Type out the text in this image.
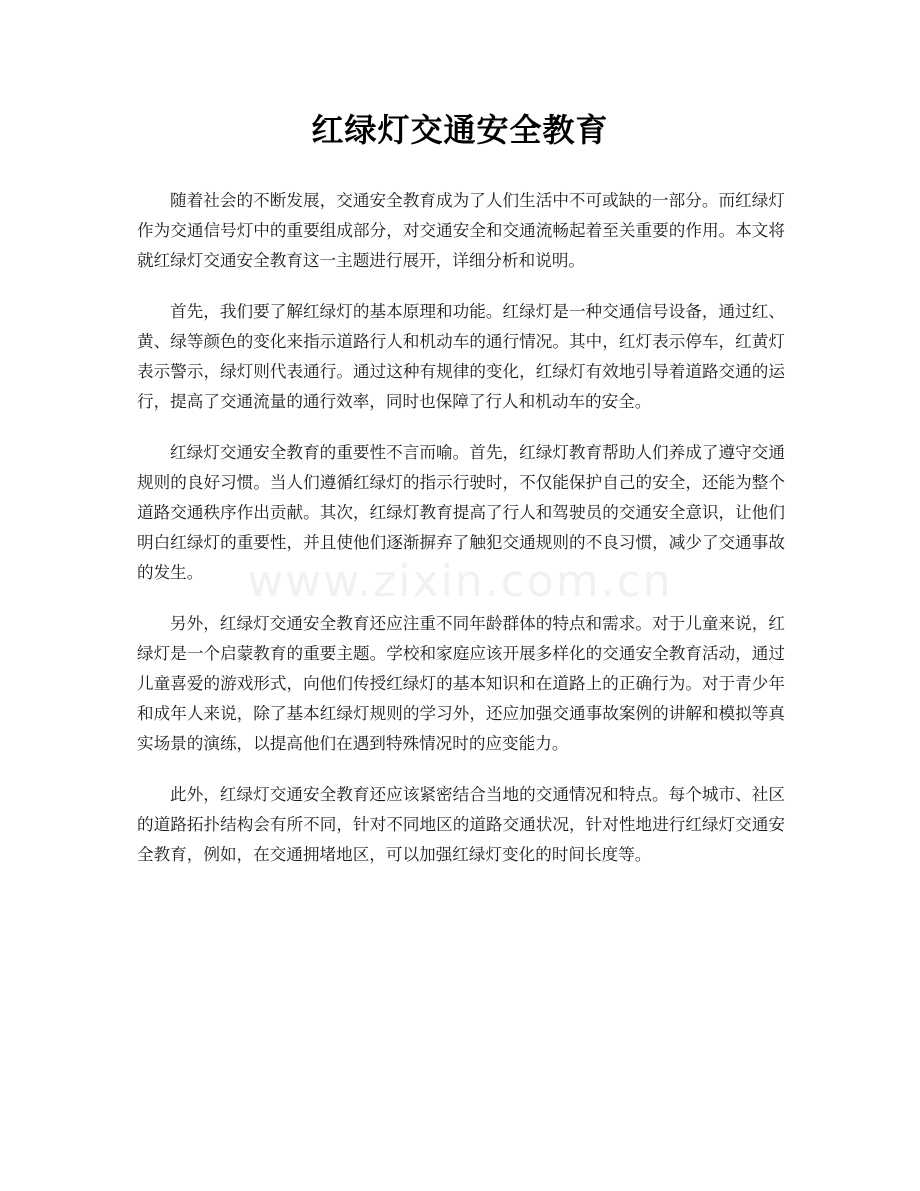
红绿灯交通安全教育

随着社会的不断发展，交通安全教育成为了人们生活中不可或缺的一部分。而红绿灯作为交通信号灯中的重要组成部分，对交通安全和交通流畅起着至关重要的作用。本文将就红绿灯交通安全教育这一主题进行展开，详细分析和说明。

首先，我们要了解红绿灯的基本原理和功能。红绿灯是一种交通信号设备，通过红、黄、绿等颜色的变化来指示道路行人和机动车的通行情况。其中，红灯表示停车，红黄灯表示警示，绿灯则代表通行。通过这种有规律的变化，红绿灯有效地引导着道路交通的运行，提高了交通流量的通行效率，同时也保障了行人和机动车的安全。

红绿灯交通安全教育的重要性不言而喻。首先，红绿灯教育帮助人们养成了遵守交通规则的良好习惯。当人们遵循红绿灯的指示行驶时，不仅能保护自己的安全，还能为整个道路交通秩序作出贡献。其次，红绿灯教育提高了行人和驾驶员的交通安全意识，让他们明白红绿灯的重要性，并且使他们逐渐摒弃了触犯交通规则的不良习惯，减少了交通事故的发生。

另外，红绿灯交通安全教育还应注重不同年龄群体的特点和需求。对于儿童来说，红绿灯是一个启蒙教育的重要主题。学校和家庭应该开展多样化的交通安全教育活动，通过儿童喜爱的游戏形式，向他们传授红绿灯的基本知识和在道路上的正确行为。对于青少年和成年人来说，除了基本红绿灯规则的学习外，还应加强交通事故案例的讲解和模拟等真实场景的演练，以提高他们在遇到特殊情况时的应变能力。

此外，红绿灯交通安全教育还应该紧密结合当地的交通情况和特点。每个城市、社区的道路拓扑结构会有所不同，针对不同地区的道路交通状况，针对性地进行红绿灯交通安全教育，例如，在交通拥堵地区，可以加强红绿灯变化的时间长度等。

www.zixin.com.cn
